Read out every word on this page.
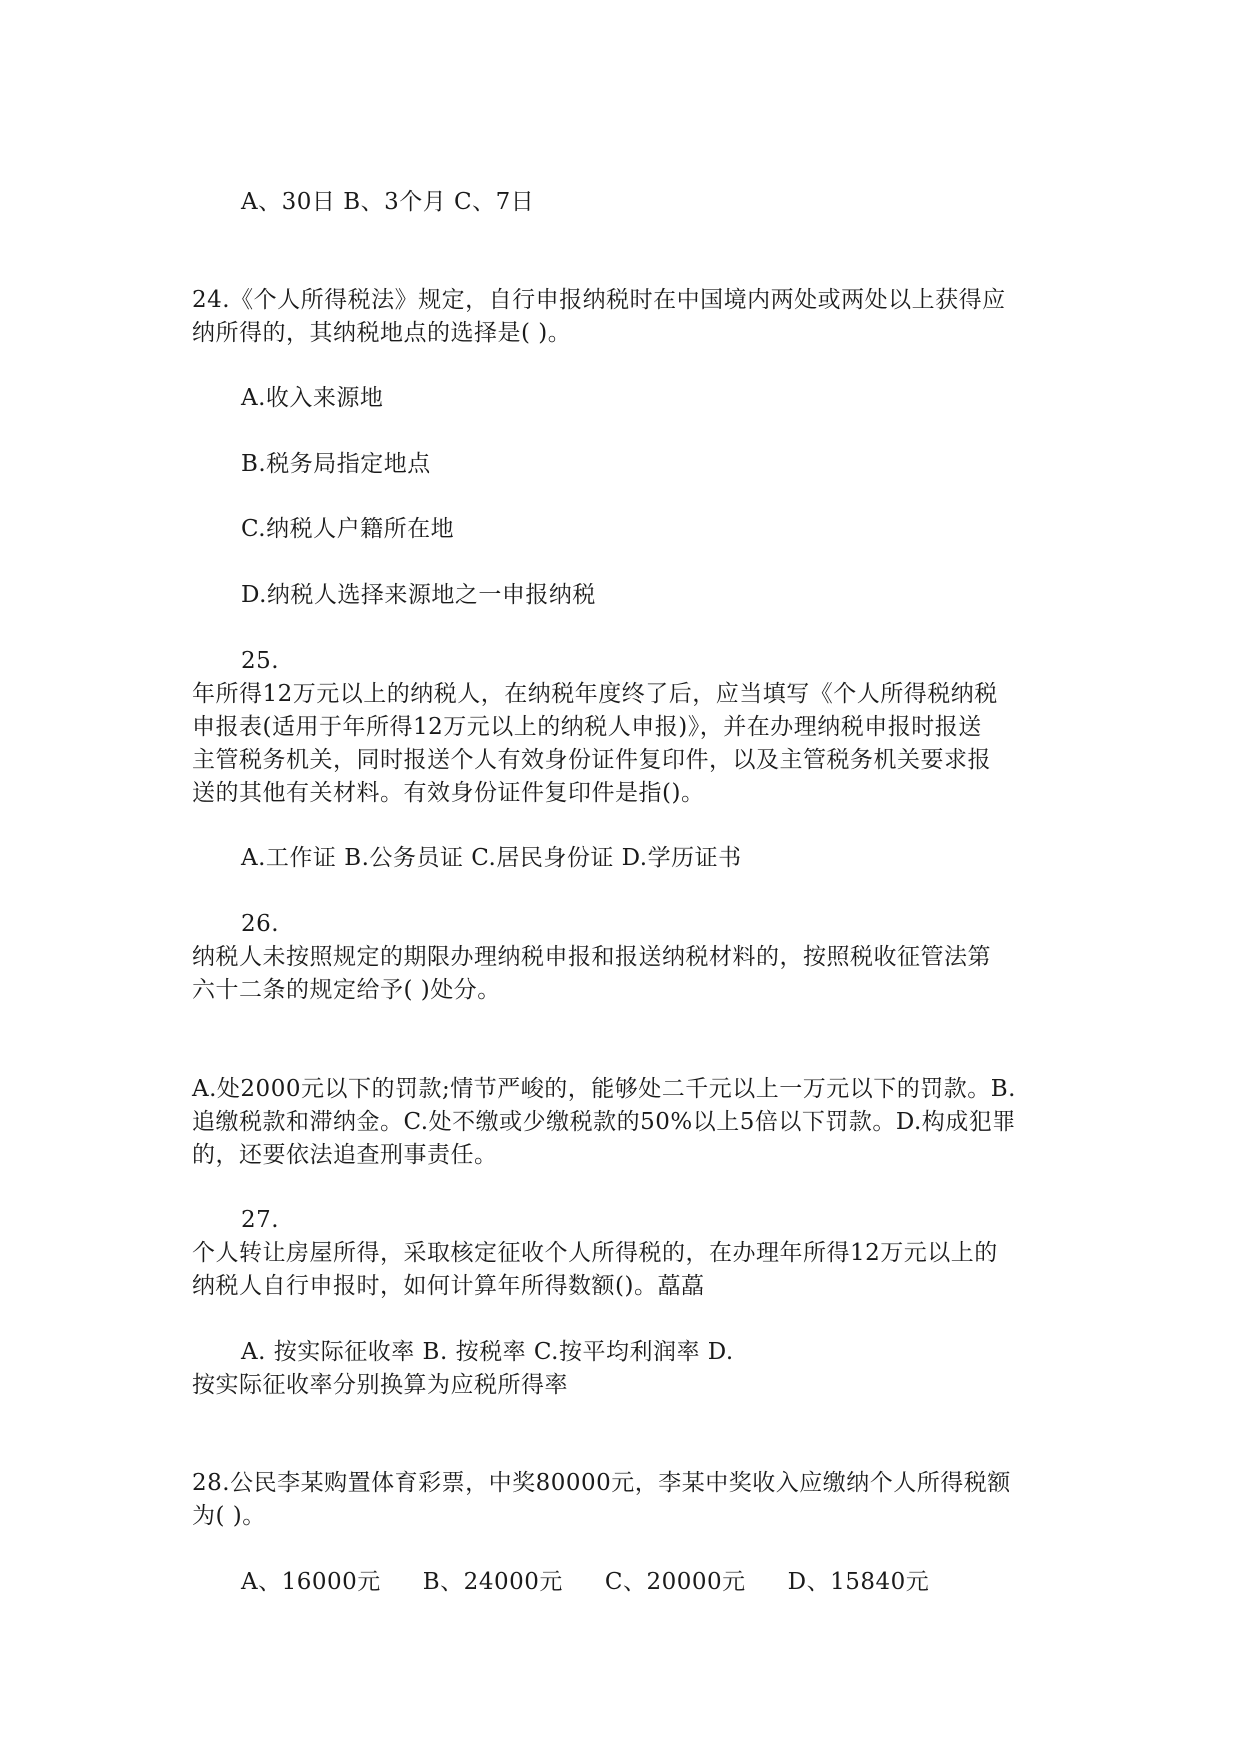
A、30日 B、3个月 C、7日
24.《个人所得税法》规定，自行申报纳税时在中国境内两处或两处以上获得应
纳所得的，其纳税地点的选择是( )。
A.收入来源地
B.税务局指定地点
C.纳税人户籍所在地
D.纳税人选择来源地之一申报纳税
25.
年所得12万元以上的纳税人，在纳税年度终了后，应当填写《个人所得税纳税
申报表(适用于年所得12万元以上的纳税人申报)》，并在办理纳税申报时报送
主管税务机关，同时报送个人有效身份证件复印件，以及主管税务机关要求报
送的其他有关材料。有效身份证件复印件是指()。
A.工作证 B.公务员证 C.居民身份证 D.学历证书
26.
纳税人未按照规定的期限办理纳税申报和报送纳税材料的，按照税收征管法第
六十二条的规定给予( )处分。
A.处2000元以下的罚款;情节严峻的，能够处二千元以上一万元以下的罚款。B.
追缴税款和滞纳金。C.处不缴或少缴税款的50%以上5倍以下罚款。D.构成犯罪
的，还要依法追查刑事责任。
27.
个人转让房屋所得，采取核定征收个人所得税的，在办理年所得12万元以上的
纳税人自行申报时，如何计算年所得数额()。藠藠
A. 按实际征收率 B. 按税率 C.按平均利润率 D.
按实际征收率分别换算为应税所得率
28.公民李某购置体育彩票，中奖80000元，李某中奖收入应缴纳个人所得税额
为( )。
A、16000元 B、24000元 C、20000元 D、15840元
